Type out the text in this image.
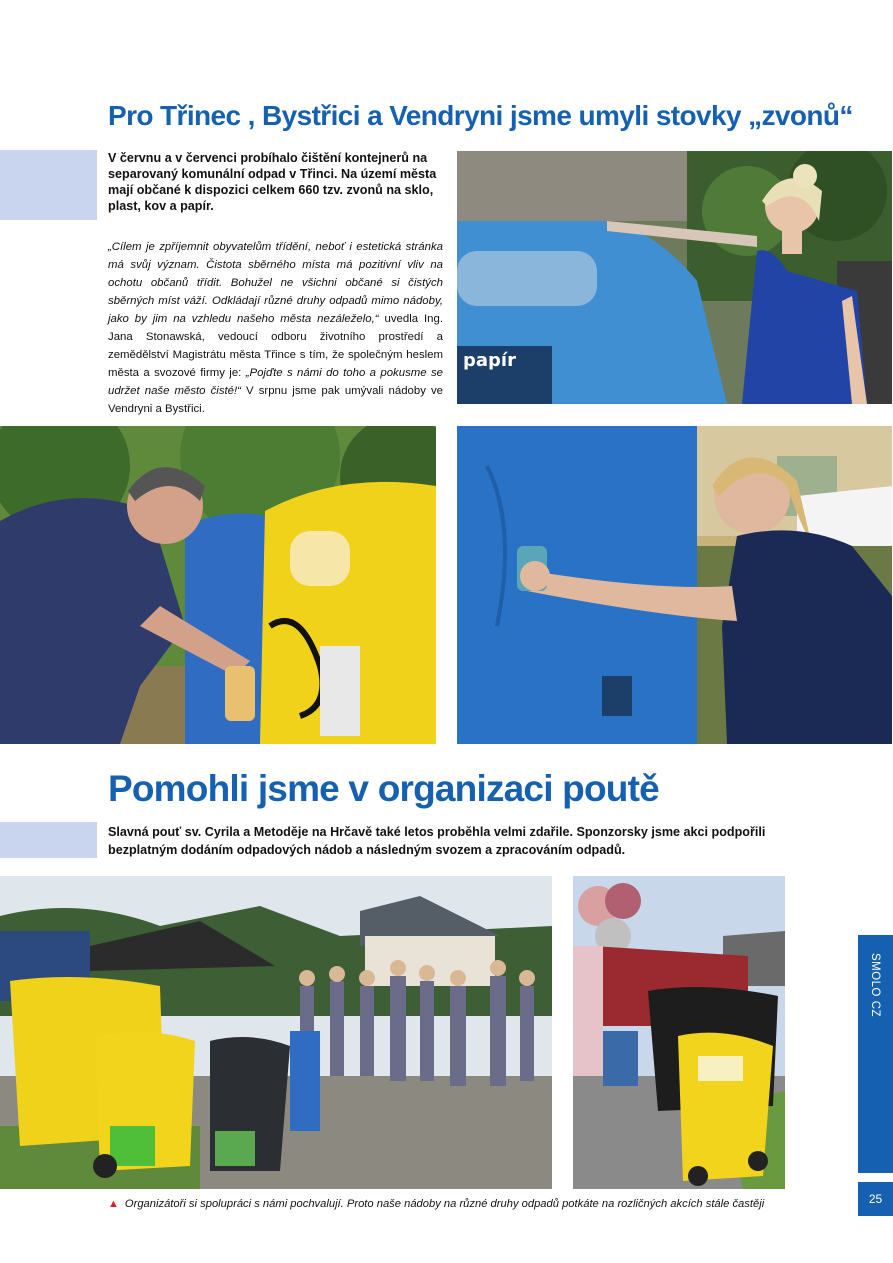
Pro Třinec , Bystřici a Vendryni jsme umyli stovky „zvonů“

V červnu a v červenci probíhalo čištění kontejnerů na separovaný komunální odpad v Třinci. Na území města mají občané k dispozici celkem 660 tzv. zvonů na sklo, plast, kov a papír.

„Cílem je zpříjemnit obyvatelům třídění, neboť i estetická stránka má svůj význam. Čistota sběrného místa má pozitivní vliv na ochotu občanů třídit. Bohužel ne všichni občané si čistých sběrných míst váží. Odkládají různé druhy odpadů mimo nádoby, jako by jim na vzhledu našeho města nezáleželo,“ uvedla Ing. Jana Stonawská, vedoucí odboru životního prostředí a zemědělství Magistrátu města Třince s tím, že společným heslem města a svozové firmy je: „Pojďte s námi do toho a pokusme se udržet naše město čisté!“ V srpnu jsme pak umývali nádoby ve Vendryni a Bystřici.

papír
Pomohli jsme v organizaci poutě

Slavná pouť sv. Cyrila a Metoděje na Hrčavě také letos proběhla velmi zdařile. Sponzorsky jsme akci podpořili bezplatným dodáním odpadových nádob a následným svozem a zpracováním odpadů.

▲ Organizátoři si spolupráci s námi pochvalují. Proto naše nádoby na různé druhy odpadů potkáte na rozličných akcích stále častěji

SMOLO CZ
25
